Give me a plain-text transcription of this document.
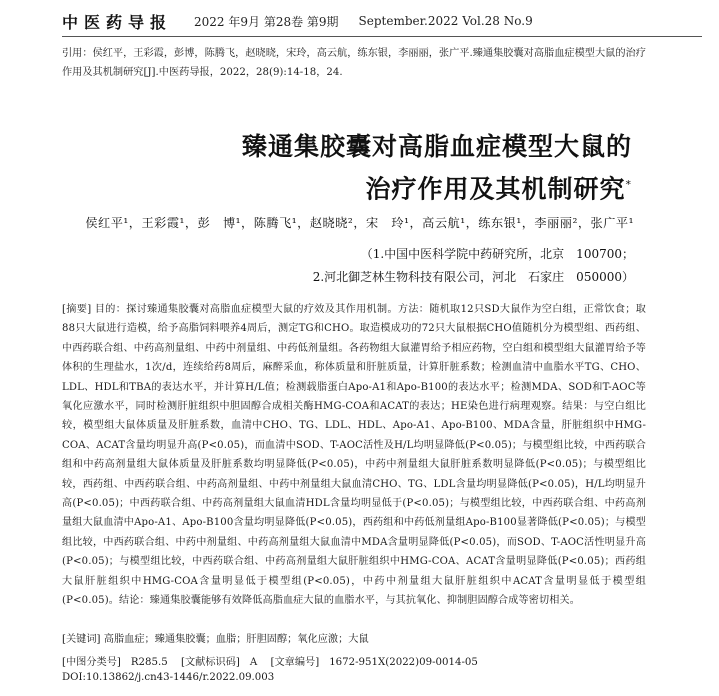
中医药导报 2022 年9月 第28卷 第9期 September.2022 Vol.28 No.9
引用：侯红平，王彩霞，彭博，陈腾飞，赵晓晓，宋玲，高云航，练东银，李丽丽，张广平.臻通集胶囊对高脂血症模型大鼠的治疗作用及其机制研究[J].中医药导报，2022，28(9):14-18，24.
臻通集胶囊对高脂血症模型大鼠的
治疗作用及其机制研究*
侯红平¹，王彩霞¹，彭　博¹，陈腾飞¹，赵晓晓²，宋　玲¹，高云航¹，练东银¹，李丽丽²，张广平¹
（1.中国中医科学院中药研究所，北京　100700；
2.河北御芝林生物科技有限公司，河北　石家庄　050000）
[摘要] 目的：探讨臻通集胶囊对高脂血症模型大鼠的疗效及其作用机制。方法：随机取12只SD大鼠作为空白组，正常饮食；取88只大鼠进行造模，给予高脂饲料喂养4周后，测定TG和CHO。取造模成功的72只大鼠根据CHO值随机分为模型组、西药组、中西药联合组、中药高剂量组、中药中剂量组、中药低剂量组。各药物组大鼠灌胃给予相应药物，空白组和模型组大鼠灌胃给予等体积的生理盐水，1次/d，连续给药8周后，麻醉采血，称体质量和肝脏质量，计算肝脏系数；检测血清中血脂水平TG、CHO、LDL、HDL和TBA的表达水平，并计算H/L值；检测载脂蛋白Apo-A1和Apo-B100的表达水平；检测MDA、SOD和T-AOC等氧化应激水平，同时检测肝脏组织中胆固醇合成相关酶HMG-COA和ACAT的表达；HE染色进行病理观察。结果：与空白组比较，模型组大鼠体质量及肝脏系数，血清中CHO、TG、LDL、HDL、Apo-A1、Apo-B100、MDA含量，肝脏组织中HMG-COA、ACAT含量均明显升高(P<0.05)，而血清中SOD、T-AOC活性及H/L均明显降低(P<0.05)；与模型组比较，中西药联合组和中药高剂量组大鼠体质量及肝脏系数均明显降低(P<0.05)，中药中剂量组大鼠肝脏系数明显降低(P<0.05)；与模型组比较，西药组、中西药联合组、中药高剂量组、中药中剂量组大鼠血清CHO、TG、LDL含量均明显降低(P<0.05)，H/L均明显升高(P<0.05)；中西药联合组、中药高剂量组大鼠血清HDL含量均明显低于(P<0.05)；与模型组比较，中西药联合组、中药高剂量组大鼠血清中Apo-A1、Apo-B100含量均明显降低(P<0.05)，西药组和中药低剂量组Apo-B100显著降低(P<0.05)；与模型组比较，中西药联合组、中药中剂量组、中药高剂量组大鼠血清中MDA含量明显降低(P<0.05)，而SOD、T-AOC活性明显升高(P<0.05)；与模型组比较，中西药联合组、中药高剂量组大鼠肝脏组织中HMG-COA、ACAT含量明显降低(P<0.05)；西药组大鼠肝脏组织中HMG-COA含量明显低于模型组(P<0.05)，中药中剂量组大鼠肝脏组织中ACAT含量明显低于模型组(P<0.05)。结论：臻通集胶囊能够有效降低高脂血症大鼠的血脂水平，与其抗氧化、抑制胆固醇合成等密切相关。
[关键词] 高脂血症；臻通集胶囊；血脂；肝胆固醇；氧化应激；大鼠
[中图分类号] R285.5 [文献标识码] A [文章编号] 1672-951X(2022)09-0014-05
DOI:10.13862/j.cn43-1446/r.2022.09.003
